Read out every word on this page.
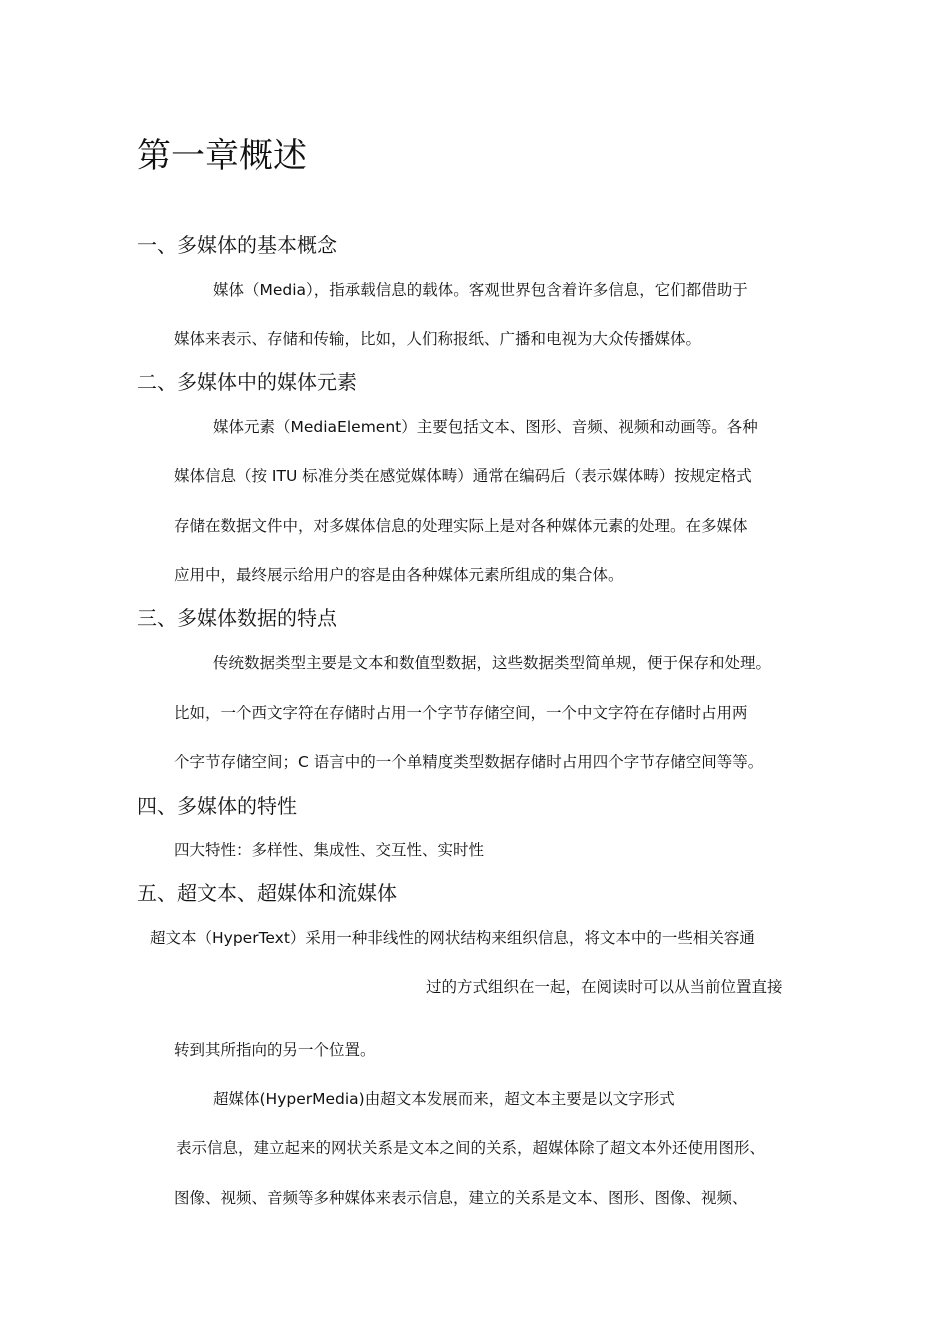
第一章概述
一、多媒体的基本概念

媒体（Media），指承载信息的载体。客观世界包含着许多信息，它们都借助于

媒体来表示、存储和传输，比如，人们称报纸、广播和电视为大众传播媒体。

二、多媒体中的媒体元素

媒体元素（MediaElement）主要包括文本、图形、音频、视频和动画等。各种

媒体信息（按 ITU 标准分类在感觉媒体畴）通常在编码后（表示媒体畴）按规定格式

存储在数据文件中，对多媒体信息的处理实际上是对各种媒体元素的处理。在多媒体

应用中，最终展示给用户的容是由各种媒体元素所组成的集合体。

三、多媒体数据的特点

传统数据类型主要是文本和数值型数据，这些数据类型简单规，便于保存和处理。

比如，一个西文字符在存储时占用一个字节存储空间，一个中文字符在存储时占用两

个字节存储空间；C 语言中的一个单精度类型数据存储时占用四个字节存储空间等等。

四、多媒体的特性

四大特性：多样性、集成性、交互性、实时性

五、超文本、超媒体和流媒体

超文本（HyperText）采用一种非线性的网状结构来组织信息，将文本中的一些相关容通

过的方式组织在一起，在阅读时可以从当前位置直接

转到其所指向的另一个位置。

超媒体(HyperMedia)由超文本发展而来，超文本主要是以文字形式

表示信息，建立起来的网状关系是文本之间的关系，超媒体除了超文本外还使用图形、

图像、视频、音频等多种媒体来表示信息，建立的关系是文本、图形、图像、视频、
